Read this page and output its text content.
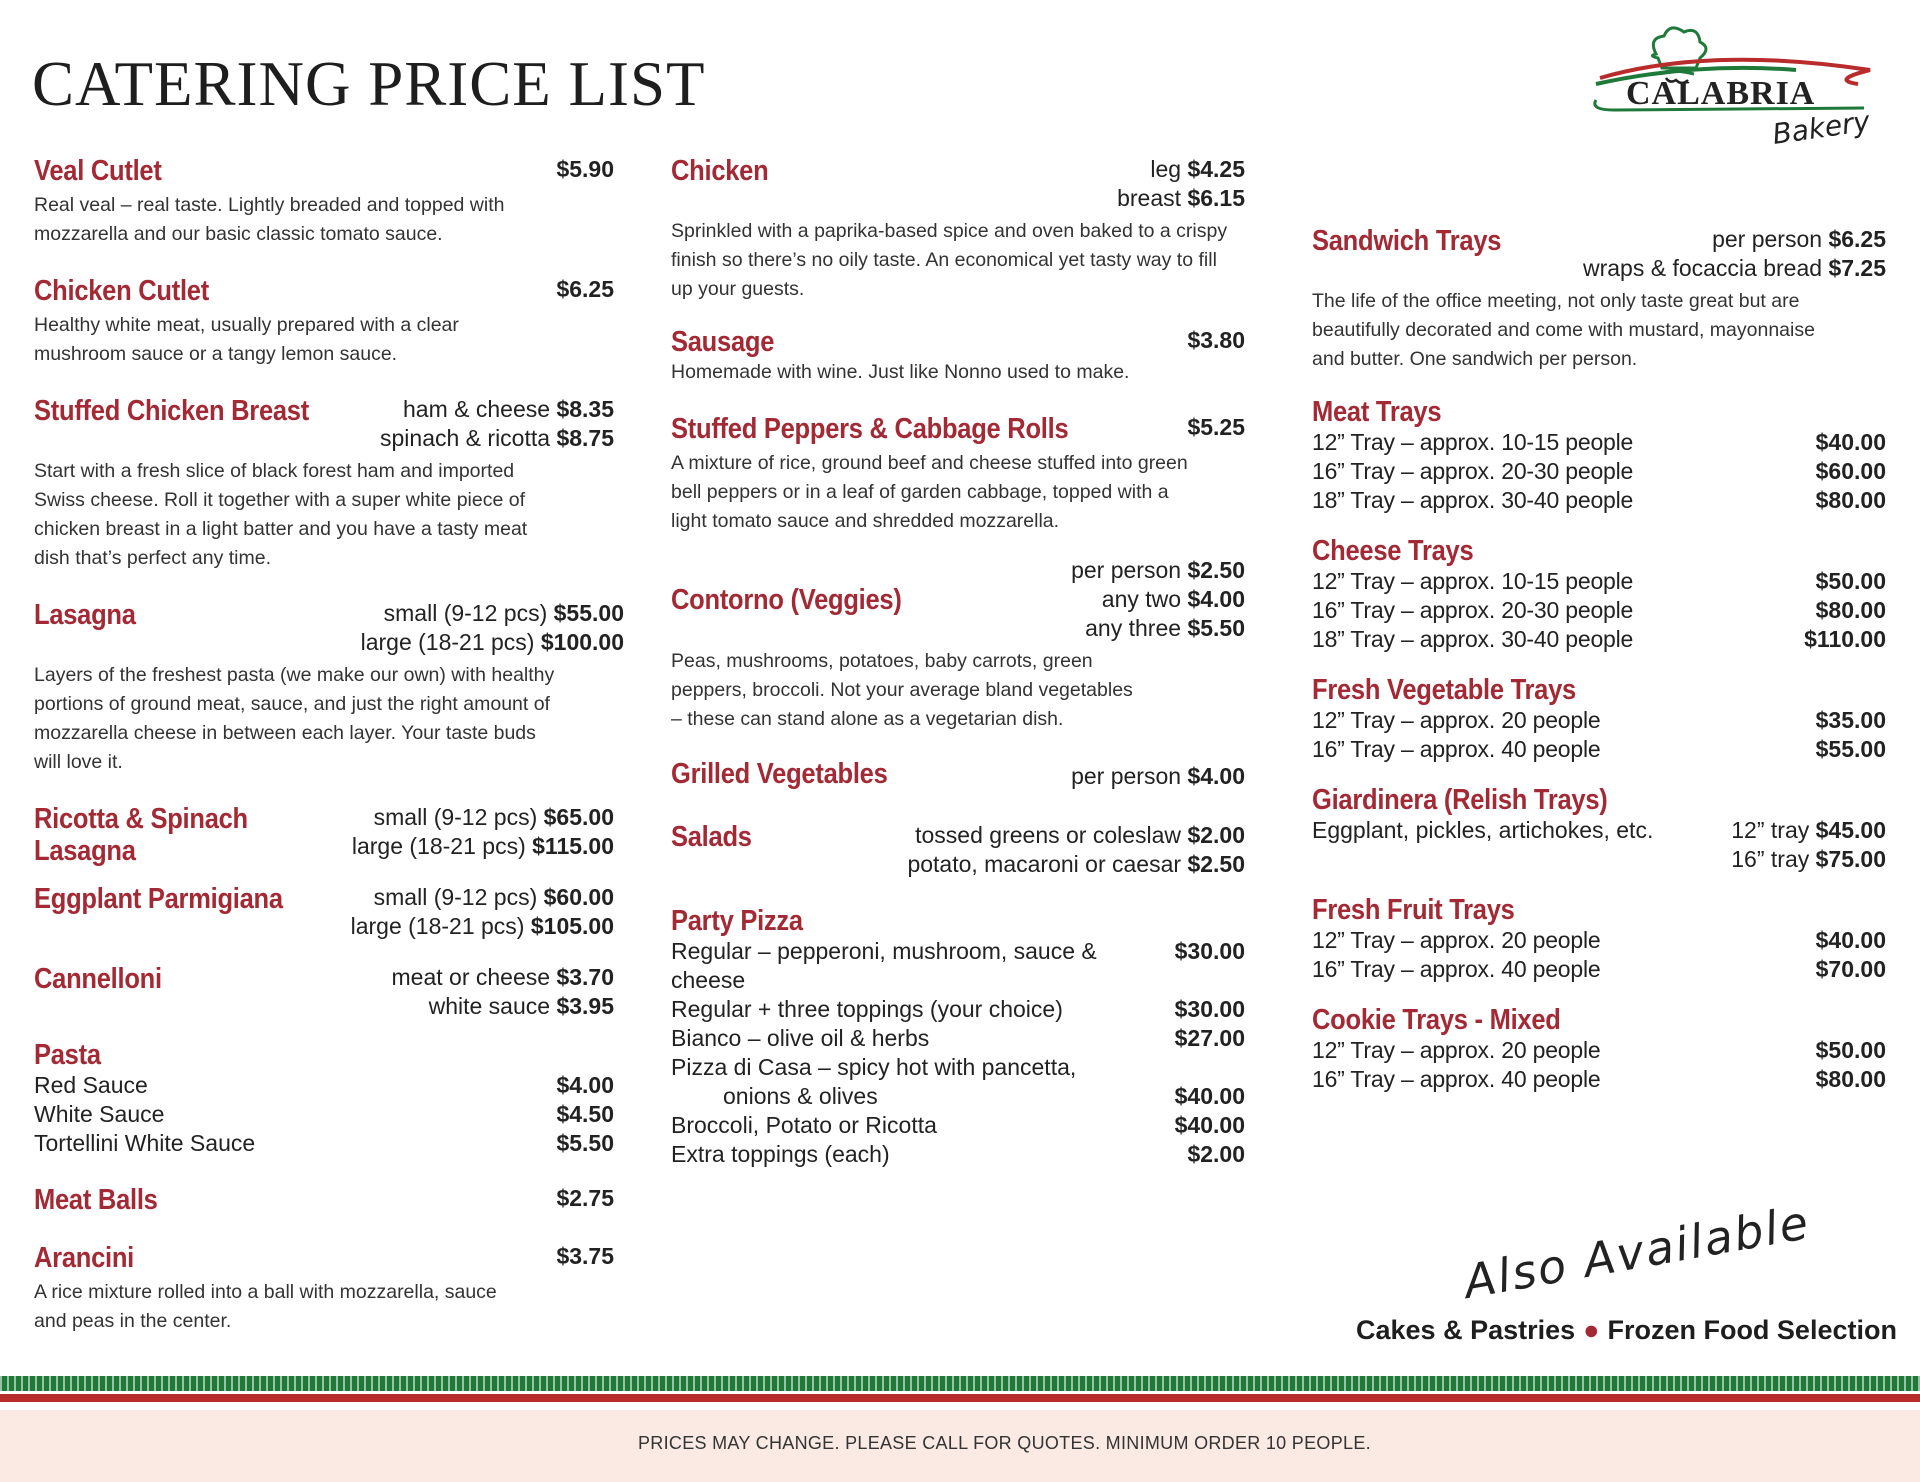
CATERING PRICE LIST	CALABRIA
Bakery
Veal Cutlet	$5.90
Real veal – real taste. Lightly breaded and topped with mozzarella and our basic classic tomato sauce.
Chicken Cutlet	$6.25
Healthy white meat, usually prepared with a clear mushroom sauce or a tangy lemon sauce.
Stuffed Chicken Breast	ham & cheese $8.35
spinach & ricotta $8.75
Start with a fresh slice of black forest ham and imported Swiss cheese. Roll it together with a super white piece of chicken breast in a light batter and you have a tasty meat dish that’s perfect any time.
Lasagna	small (9-12 pcs) $55.00
large (18-21 pcs) $100.00
Layers of the freshest pasta (we make our own) with healthy portions of ground meat, sauce, and just the right amount of mozzarella cheese in between each layer. Your taste buds will love it.
Ricotta & Spinach Lasagna
small (9-12 pcs) $65.00
large (18-21 pcs) $115.00
Eggplant Parmigiana	small (9-12 pcs) $60.00
large (18-21 pcs) $105.00
Cannelloni	meat or cheese $3.70
white sauce $3.95
Pasta
Red Sauce	$4.00
White Sauce	$4.50
Tortellini White Sauce	$5.50
Meat Balls	$2.75
Arancini	$3.75
A rice mixture rolled into a ball with mozzarella, sauce and peas in the center.
Chicken	leg $4.25
breast $6.15
Sprinkled with a paprika-based spice and oven baked to a crispy finish so there’s no oily taste. An economical yet tasty way to fill up your guests.
Sausage	$3.80
Homemade with wine. Just like Nonno used to make.
Stuffed Peppers & Cabbage Rolls	$5.25
A mixture of rice, ground beef and cheese stuffed into green bell peppers or in a leaf of garden cabbage, topped with a light tomato sauce and shredded mozzarella.
Contorno (Veggies)
per person $2.50
any two $4.00
any three $5.50
Peas, mushrooms, potatoes, baby carrots, green peppers, broccoli. Not your average bland vegetables – these can stand alone as a vegetarian dish.
Grilled Vegetables	per person $4.00
Salads	tossed greens or coleslaw $2.00
potato, macaroni or caesar $2.50
Party Pizza
Regular – pepperoni, mushroom, sauce & cheese
$30.00
Regular + three toppings (your choice)	$30.00
Bianco – olive oil & herbs	$27.00
Pizza di Casa – spicy hot with pancetta,
onions & olives	$40.00
Broccoli, Potato or Ricotta	$40.00
Extra toppings (each)	$2.00
Sandwich Trays	per person $6.25
wraps & focaccia bread $7.25
The life of the office meeting, not only taste great but are beautifully decorated and come with mustard, mayonnaise and butter. One sandwich per person.
Meat Trays
12” Tray – approx. 10-15 people	$40.00
16” Tray – approx. 20-30 people	$60.00
18” Tray – approx. 30-40 people	$80.00
Cheese Trays
12” Tray – approx. 10-15 people	$50.00
16” Tray – approx. 20-30 people	$80.00
18” Tray – approx. 30-40 people	$110.00
Fresh Vegetable Trays
12” Tray – approx. 20 people	$35.00
16” Tray – approx. 40 people	$55.00
Giardinera (Relish Trays)
Eggplant, pickles, artichokes, etc.	12” tray $45.00
16” tray $75.00
Fresh Fruit Trays
12” Tray – approx. 20 people	$40.00
16” Tray – approx. 40 people	$70.00
Cookie Trays - Mixed
12” Tray – approx. 20 people	$50.00
16” Tray – approx. 40 people	$80.00
Also Available
Cakes & Pastries ● Frozen Food Selection

PRICES MAY CHANGE. PLEASE CALL FOR QUOTES. MINIMUM ORDER 10 PEOPLE.
